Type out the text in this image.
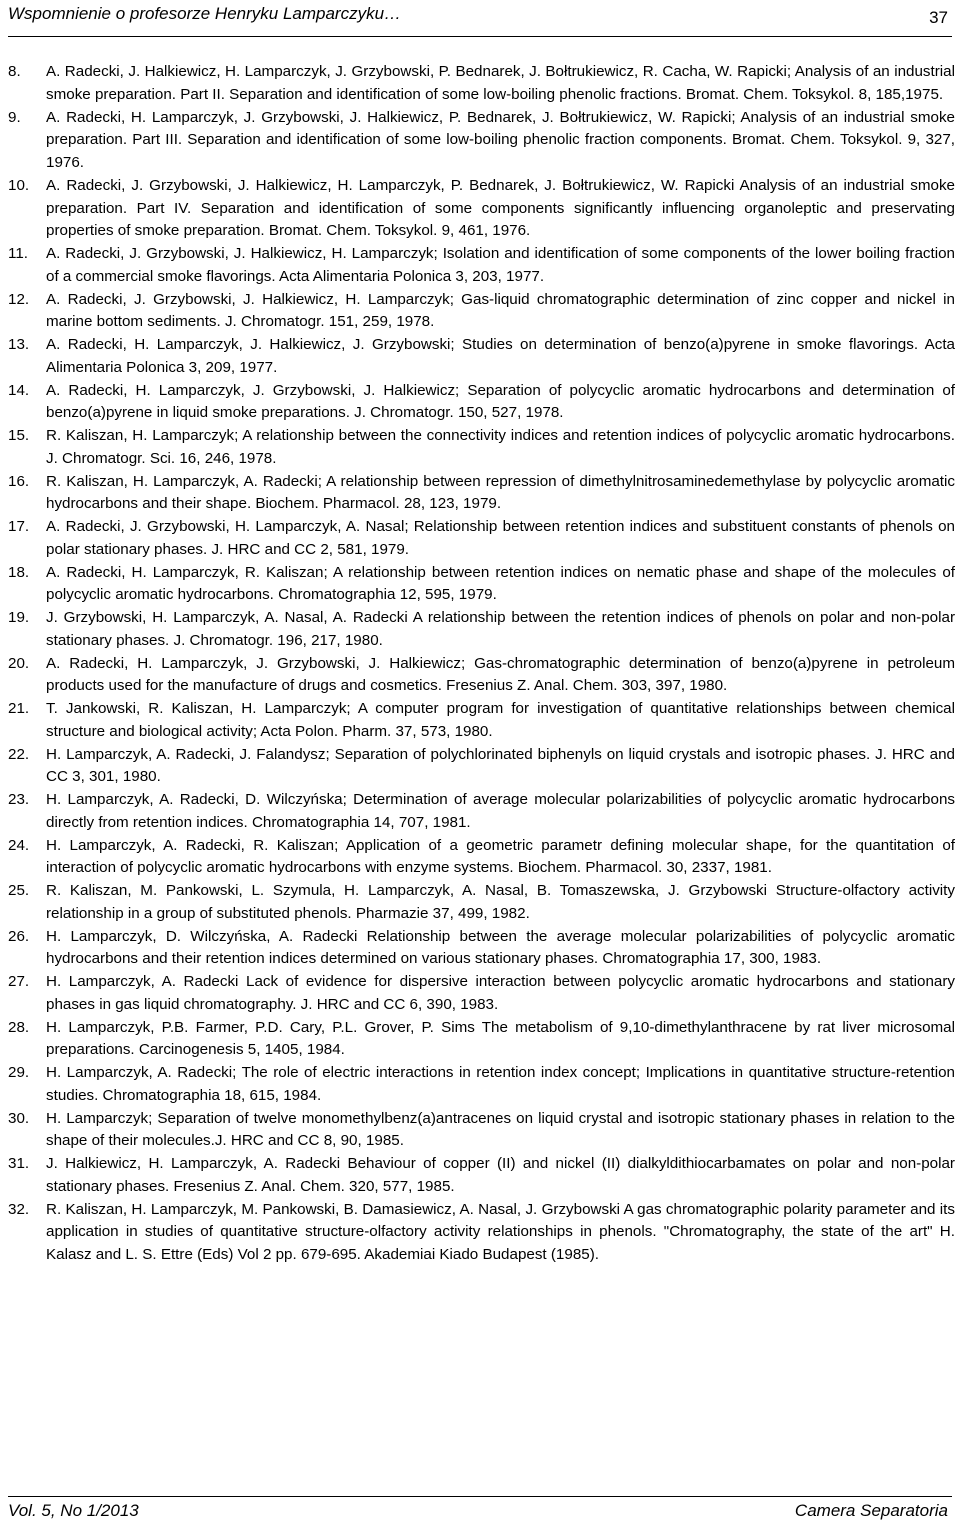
Wspomnienie o profesorze Henryku Lamparczyku…	37
8. A. Radecki, J. Halkiewicz, H. Lamparczyk, J. Grzybowski, P. Bednarek, J. Bołtrukiewicz, R. Cacha, W. Rapicki; Analysis of an industrial smoke preparation. Part II. Separation and identification of some low-boiling phenolic fractions. Bromat. Chem. Toksykol. 8, 185,1975.
9. A. Radecki, H. Lamparczyk, J. Grzybowski, J. Halkiewicz, P. Bednarek, J. Bołtrukiewicz, W. Rapicki; Analysis of an industrial smoke preparation. Part III. Separation and identification of some low-boiling phenolic fraction components. Bromat. Chem. Toksykol. 9, 327, 1976.
10. A. Radecki, J. Grzybowski, J. Halkiewicz, H. Lamparczyk, P. Bednarek, J. Bołtrukiewicz, W. Rapicki Analysis of an industrial smoke preparation. Part IV. Separation and identification of some components significantly influencing organoleptic and preservating properties of smoke preparation. Bromat. Chem. Toksykol. 9, 461, 1976.
11. A. Radecki, J. Grzybowski, J. Halkiewicz, H. Lamparczyk; Isolation and identification of some components of the lower boiling fraction of a commercial smoke flavorings. Acta Alimentaria Polonica 3, 203, 1977.
12. A. Radecki, J. Grzybowski, J. Halkiewicz, H. Lamparczyk; Gas-liquid chromatographic determination of zinc copper and nickel in marine bottom sediments. J. Chromatogr. 151, 259, 1978.
13. A. Radecki, H. Lamparczyk, J. Halkiewicz, J. Grzybowski; Studies on determination of benzo(a)pyrene in smoke flavorings. Acta Alimentaria Polonica 3, 209, 1977.
14. A. Radecki, H. Lamparczyk, J. Grzybowski, J. Halkiewicz; Separation of polycyclic aromatic hydrocarbons and determination of benzo(a)pyrene in liquid smoke preparations. J. Chromatogr. 150, 527, 1978.
15. R. Kaliszan, H. Lamparczyk; A relationship between the connectivity indices and retention indices of polycyclic aromatic hydrocarbons. J. Chromatogr. Sci. 16, 246, 1978.
16. R. Kaliszan, H. Lamparczyk, A. Radecki; A relationship between repression of dimethylnitrosaminedemethylase by polycyclic aromatic hydrocarbons and their shape. Biochem. Pharmacol. 28, 123, 1979.
17. A. Radecki, J. Grzybowski, H. Lamparczyk, A. Nasal; Relationship between retention indices and substituent constants of phenols on polar stationary phases. J. HRC and CC 2, 581, 1979.
18. A. Radecki, H. Lamparczyk, R. Kaliszan; A relationship between retention indices on nematic phase and shape of the molecules of polycyclic aromatic hydrocarbons. Chromatographia 12, 595, 1979.
19. J. Grzybowski, H. Lamparczyk, A. Nasal, A. Radecki A relationship between the retention indices of phenols on polar and non-polar stationary phases. J. Chromatogr. 196, 217, 1980.
20. A. Radecki, H. Lamparczyk, J. Grzybowski, J. Halkiewicz; Gas-chromatographic determination of benzo(a)pyrene in petroleum products used for the manufacture of drugs and cosmetics. Fresenius Z. Anal. Chem. 303, 397, 1980.
21. T. Jankowski, R. Kaliszan, H. Lamparczyk; A computer program for investigation of quantitative relationships between chemical structure and biological activity; Acta Polon. Pharm. 37, 573, 1980.
22. H. Lamparczyk, A. Radecki, J. Falandysz; Separation of polychlorinated biphenyls on liquid crystals and isotropic phases. J. HRC and CC 3, 301, 1980.
23. H. Lamparczyk, A. Radecki, D. Wilczyńska; Determination of average molecular polarizabilities of polycyclic aromatic hydrocarbons directly from retention indices. Chromatographia 14, 707, 1981.
24. H. Lamparczyk, A. Radecki, R. Kaliszan; Application of a geometric parametr defining molecular shape, for the quantitation of interaction of polycyclic aromatic hydrocarbons with enzyme systems. Biochem. Pharmacol. 30, 2337, 1981.
25. R. Kaliszan, M. Pankowski, L. Szymula, H. Lamparczyk, A. Nasal, B. Tomaszewska, J. Grzybowski Structure-olfactory activity relationship in a group of substituted phenols. Pharmazie 37, 499, 1982.
26. H. Lamparczyk, D. Wilczyńska, A. Radecki Relationship between the average molecular polarizabilities of polycyclic aromatic hydrocarbons and their retention indices determined on various stationary phases. Chromatographia 17, 300, 1983.
27. H. Lamparczyk, A. Radecki Lack of evidence for dispersive interaction between polycyclic aromatic hydrocarbons and stationary phases in gas liquid chromatography. J. HRC and CC 6, 390, 1983.
28. H. Lamparczyk, P.B. Farmer, P.D. Cary, P.L. Grover, P. Sims The metabolism of 9,10-dimethylanthracene by rat liver microsomal preparations. Carcinogenesis 5, 1405, 1984.
29. H. Lamparczyk, A. Radecki; The role of electric interactions in retention index concept; Implications in quantitative structure-retention studies. Chromatographia 18, 615, 1984.
30. H. Lamparczyk; Separation of twelve monomethylbenz(a)antracenes on liquid crystal and isotropic stationary phases in relation to the shape of their molecules.J. HRC and CC 8, 90, 1985.
31. J. Halkiewicz, H. Lamparczyk, A. Radecki Behaviour of copper (II) and nickel (II) dialkyldithiocarbamates on polar and non-polar stationary phases. Fresenius Z. Anal. Chem. 320, 577, 1985.
32. R. Kaliszan, H. Lamparczyk, M. Pankowski, B. Damasiewicz, A. Nasal, J. Grzybowski A gas chromatographic polarity parameter and its application in studies of quantitative structure-olfactory activity relationships in phenols. "Chromatography, the state of the art" H. Kalasz and L. S. Ettre (Eds) Vol 2 pp. 679-695. Akademiai Kiado Budapest (1985).
Vol. 5, No 1/2013	Camera Separatoria
